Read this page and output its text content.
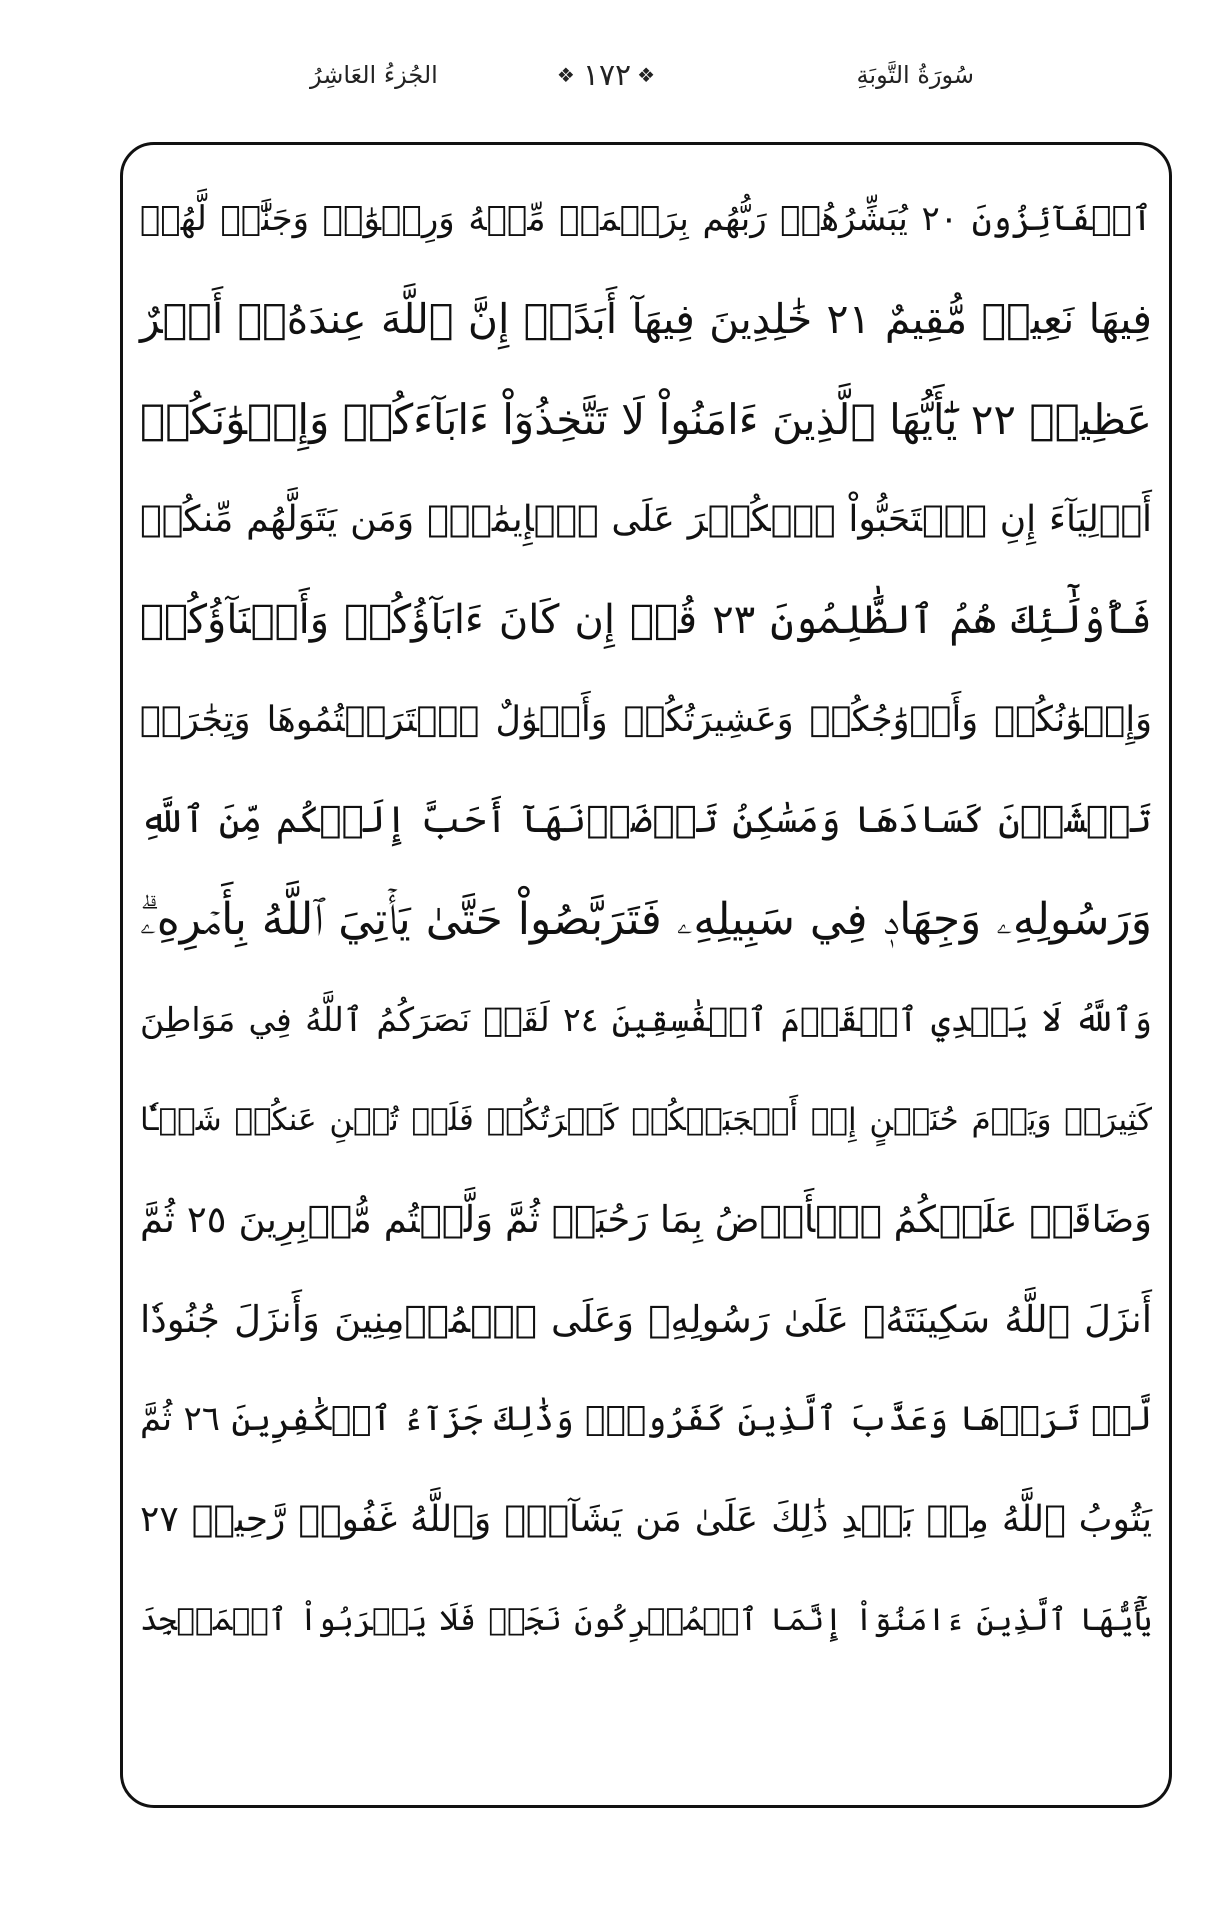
سُورَةُ التَّوبَةِ
❖ ١٧٢ ❖
الجُزءُ العَاشِرُ
ٱلۡفَآئِزُونَ ٢٠ يُبَشِّرُهُمۡ رَبُّهُم بِرَحۡمَةٖ مِّنۡهُ وَرِضۡوَٰنٖ وَجَنَّٰتٖ لَّهُمۡ
فِيهَا نَعِيمٞ مُّقِيمٌ ٢١ خَٰلِدِينَ فِيهَآ أَبَدًاۚ إِنَّ ٱللَّهَ عِندَهُۥٓ أَجۡرٌ
عَظِيمٞ ٢٢ يَٰٓأَيُّهَا ٱلَّذِينَ ءَامَنُواْ لَا تَتَّخِذُوٓاْ ءَابَآءَكُمۡ وَإِخۡوَٰنَكُمۡ
أَوۡلِيَآءَ إِنِ ٱسۡتَحَبُّواْ ٱلۡكُفۡرَ عَلَى ٱلۡإِيمَٰنِۚ وَمَن يَتَوَلَّهُم مِّنكُمۡ
فَأُوْلَٰٓئِكَ هُمُ ٱلظَّٰلِمُونَ ٢٣ قُلۡ إِن كَانَ ءَابَآؤُكُمۡ وَأَبۡنَآؤُكُمۡ
وَإِخۡوَٰنُكُمۡ وَأَزۡوَٰجُكُمۡ وَعَشِيرَتُكُمۡ وَأَمۡوَٰلٌ ٱقۡتَرَفۡتُمُوهَا وَتِجَٰرَةٞ
تَخۡشَوۡنَ كَسَادَهَا وَمَسَٰكِنُ تَرۡضَوۡنَهَآ أَحَبَّ إِلَيۡكُم مِّنَ ٱللَّهِ
وَرَسُولِهِۦ وَجِهَادٖ فِي سَبِيلِهِۦ فَتَرَبَّصُواْ حَتَّىٰ يَأۡتِيَ ٱللَّهُ بِأَمۡرِهِۦۗ
وَٱللَّهُ لَا يَهۡدِي ٱلۡقَوۡمَ ٱلۡفَٰسِقِينَ ٢٤ لَقَدۡ نَصَرَكُمُ ٱللَّهُ فِي مَوَاطِنَ
كَثِيرَةٖ وَيَوۡمَ حُنَيۡنٍ إِذۡ أَعۡجَبَتۡكُمۡ كَثۡرَتُكُمۡ فَلَمۡ تُغۡنِ عَنكُمۡ شَيۡـٔٗا
وَضَاقَتۡ عَلَيۡكُمُ ٱلۡأَرۡضُ بِمَا رَحُبَتۡ ثُمَّ وَلَّيۡتُم مُّدۡبِرِينَ ٢٥ ثُمَّ
أَنزَلَ ٱللَّهُ سَكِينَتَهُۥ عَلَىٰ رَسُولِهِۦ وَعَلَى ٱلۡمُؤۡمِنِينَ وَأَنزَلَ جُنُودٗا
لَّمۡ تَرَوۡهَا وَعَذَّبَ ٱلَّذِينَ كَفَرُواْۚ وَذَٰلِكَ جَزَآءُ ٱلۡكَٰفِرِينَ ٢٦ ثُمَّ
يَتُوبُ ٱللَّهُ مِنۢ بَعۡدِ ذَٰلِكَ عَلَىٰ مَن يَشَآءُۗ وَٱللَّهُ غَفُورٞ رَّحِيمٞ ٢٧
يَٰٓأَيُّهَا ٱلَّذِينَ ءَامَنُوٓاْ إِنَّمَا ٱلۡمُشۡرِكُونَ نَجَسٞ فَلَا يَقۡرَبُواْ ٱلۡمَسۡجِدَ
